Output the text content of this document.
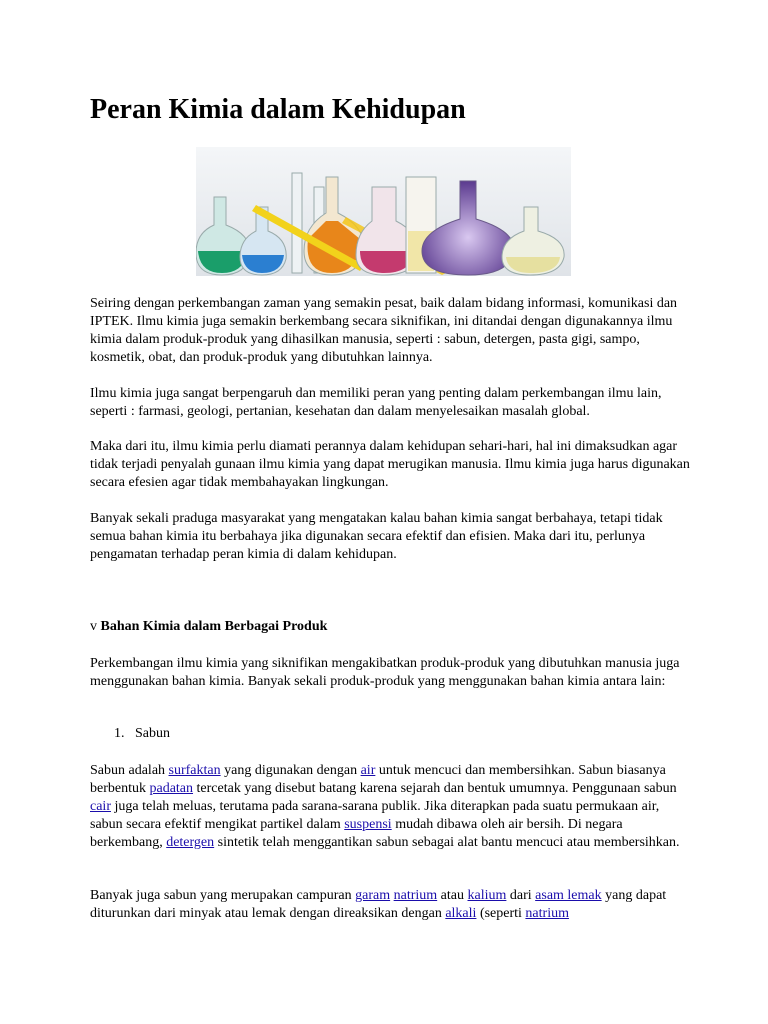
Peran Kimia dalam Kehidupan

Seiring dengan perkembangan zaman yang semakin pesat, baik dalam bidang informasi, komunikasi dan IPTEK. Ilmu kimia juga semakin berkembang secara siknifikan, ini ditandai dengan digunakannya ilmu kimia dalam produk-produk yang dihasilkan manusia, seperti : sabun, detergen, pasta gigi, sampo, kosmetik, obat, dan produk-produk yang dibutuhkan lainnya.

Ilmu kimia juga sangat berpengaruh dan memiliki peran yang penting dalam perkembangan ilmu lain, seperti : farmasi, geologi, pertanian, kesehatan dan dalam menyelesaikan masalah global.

Maka dari itu, ilmu kimia perlu diamati perannya dalam kehidupan sehari-hari, hal ini dimaksudkan agar tidak terjadi penyalah gunaan ilmu kimia yang dapat merugikan manusia. Ilmu kimia juga harus digunakan secara efesien agar tidak membahayakan lingkungan.

Banyak sekali praduga masyarakat yang mengatakan kalau bahan kimia sangat berbahaya, tetapi tidak semua bahan kimia itu berbahaya jika digunakan secara efektif dan efisien. Maka dari itu, perlunya pengamatan terhadap peran kimia di dalam kehidupan.

v Bahan Kimia dalam Berbagai Produk

Perkembangan ilmu kimia yang siknifikan mengakibatkan produk-produk yang dibutuhkan manusia juga menggunakan bahan kimia. Banyak sekali produk-produk yang menggunakan bahan kimia antara lain:

1. Sabun

Sabun adalah surfaktan yang digunakan dengan air untuk mencuci dan membersihkan. Sabun biasanya berbentuk padatan tercetak yang disebut batang karena sejarah dan bentuk umumnya. Penggunaan sabun cair juga telah meluas, terutama pada sarana-sarana publik. Jika diterapkan pada suatu permukaan air, sabun secara efektif mengikat partikel dalam suspensi mudah dibawa oleh air bersih. Di negara berkembang, detergen sintetik telah menggantikan sabun sebagai alat bantu mencuci atau membersihkan.

Banyak juga sabun yang merupakan campuran garam natrium atau kalium dari asam lemak yang dapat diturunkan dari minyak atau lemak dengan direaksikan dengan alkali (seperti natrium
